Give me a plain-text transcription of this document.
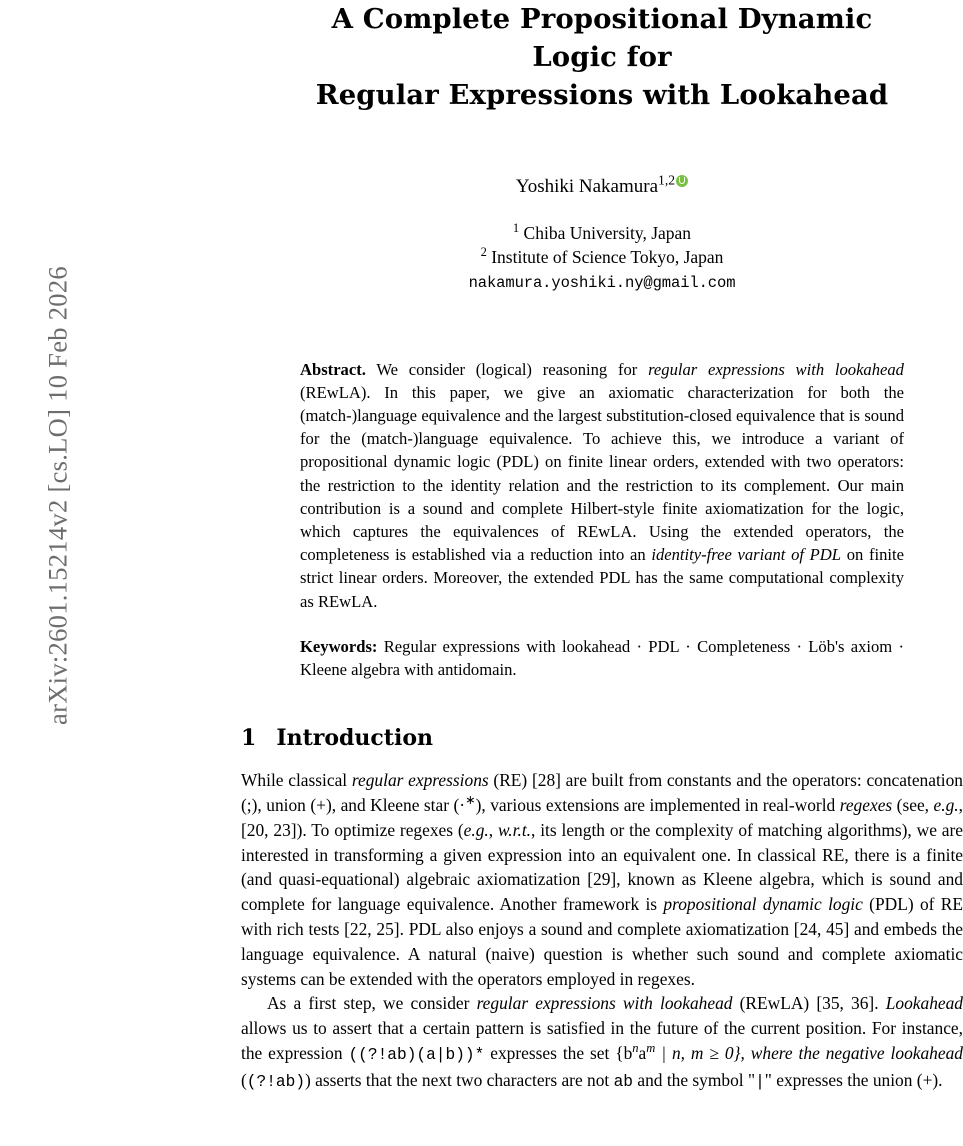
arXiv:2601.15214v2 [cs.LO] 10 Feb 2026
A Complete Propositional Dynamic Logic for
Regular Expressions with Lookahead
Yoshiki Nakamura$^{1,2}$
$^1$ Chiba University, Japan
$^2$ Institute of Science Tokyo, Japan
nakamura.yoshiki.ny@gmail.com

Abstract. We consider (logical) reasoning for regular expressions with lookahead (REwLA). In this paper, we give an axiomatic characterization for both the (match-)language equivalence and the largest substitution-closed equivalence that is sound for the (match-)language equivalence. To achieve this, we introduce a variant of propositional dynamic logic (PDL) on finite linear orders, extended with two operators: the restriction to the identity relation and the restriction to its complement. Our main contribution is a sound and complete Hilbert-style finite axiomatization for the logic, which captures the equivalences of REwLA. Using the extended operators, the completeness is established via a reduction into an identity-free variant of PDL on finite strict linear orders. Moreover, the extended PDL has the same computational complexity as REwLA.

Keywords: Regular expressions with lookahead · PDL · Completeness · Löb's axiom · Kleene algebra with antidomain.

1 Introduction

While classical regular expressions (RE) [28] are built from constants and the operators: concatenation (;), union (+), and Kleene star (·∗), various extensions are implemented in real-world regexes (see, e.g., [20, 23]). To optimize regexes (e.g., w.r.t., its length or the complexity of matching algorithms), we are interested in transforming a given expression into an equivalent one. In classical RE, there is a finite (and quasi-equational) algebraic axiomatization [29], known as Kleene algebra, which is sound and complete for language equivalence. Another framework is propositional dynamic logic (PDL) of RE with rich tests [22, 25]. PDL also enjoys a sound and complete axiomatization [24, 45] and embeds the language equivalence. A natural (naive) question is whether such sound and complete axiomatic systems can be extended with the operators employed in regexes.

As a first step, we consider regular expressions with lookahead (REwLA) [35, 36]. Lookahead allows us to assert that a certain pattern is satisfied in the future of the current position. For instance, the expression ((?!ab)(a|b))* expresses the set {$b^na^m$ | n, m ≥ 0}, where the negative lookahead ((?!ab)) asserts that the next two characters are not ab and the symbol "|" expresses the union (+).
